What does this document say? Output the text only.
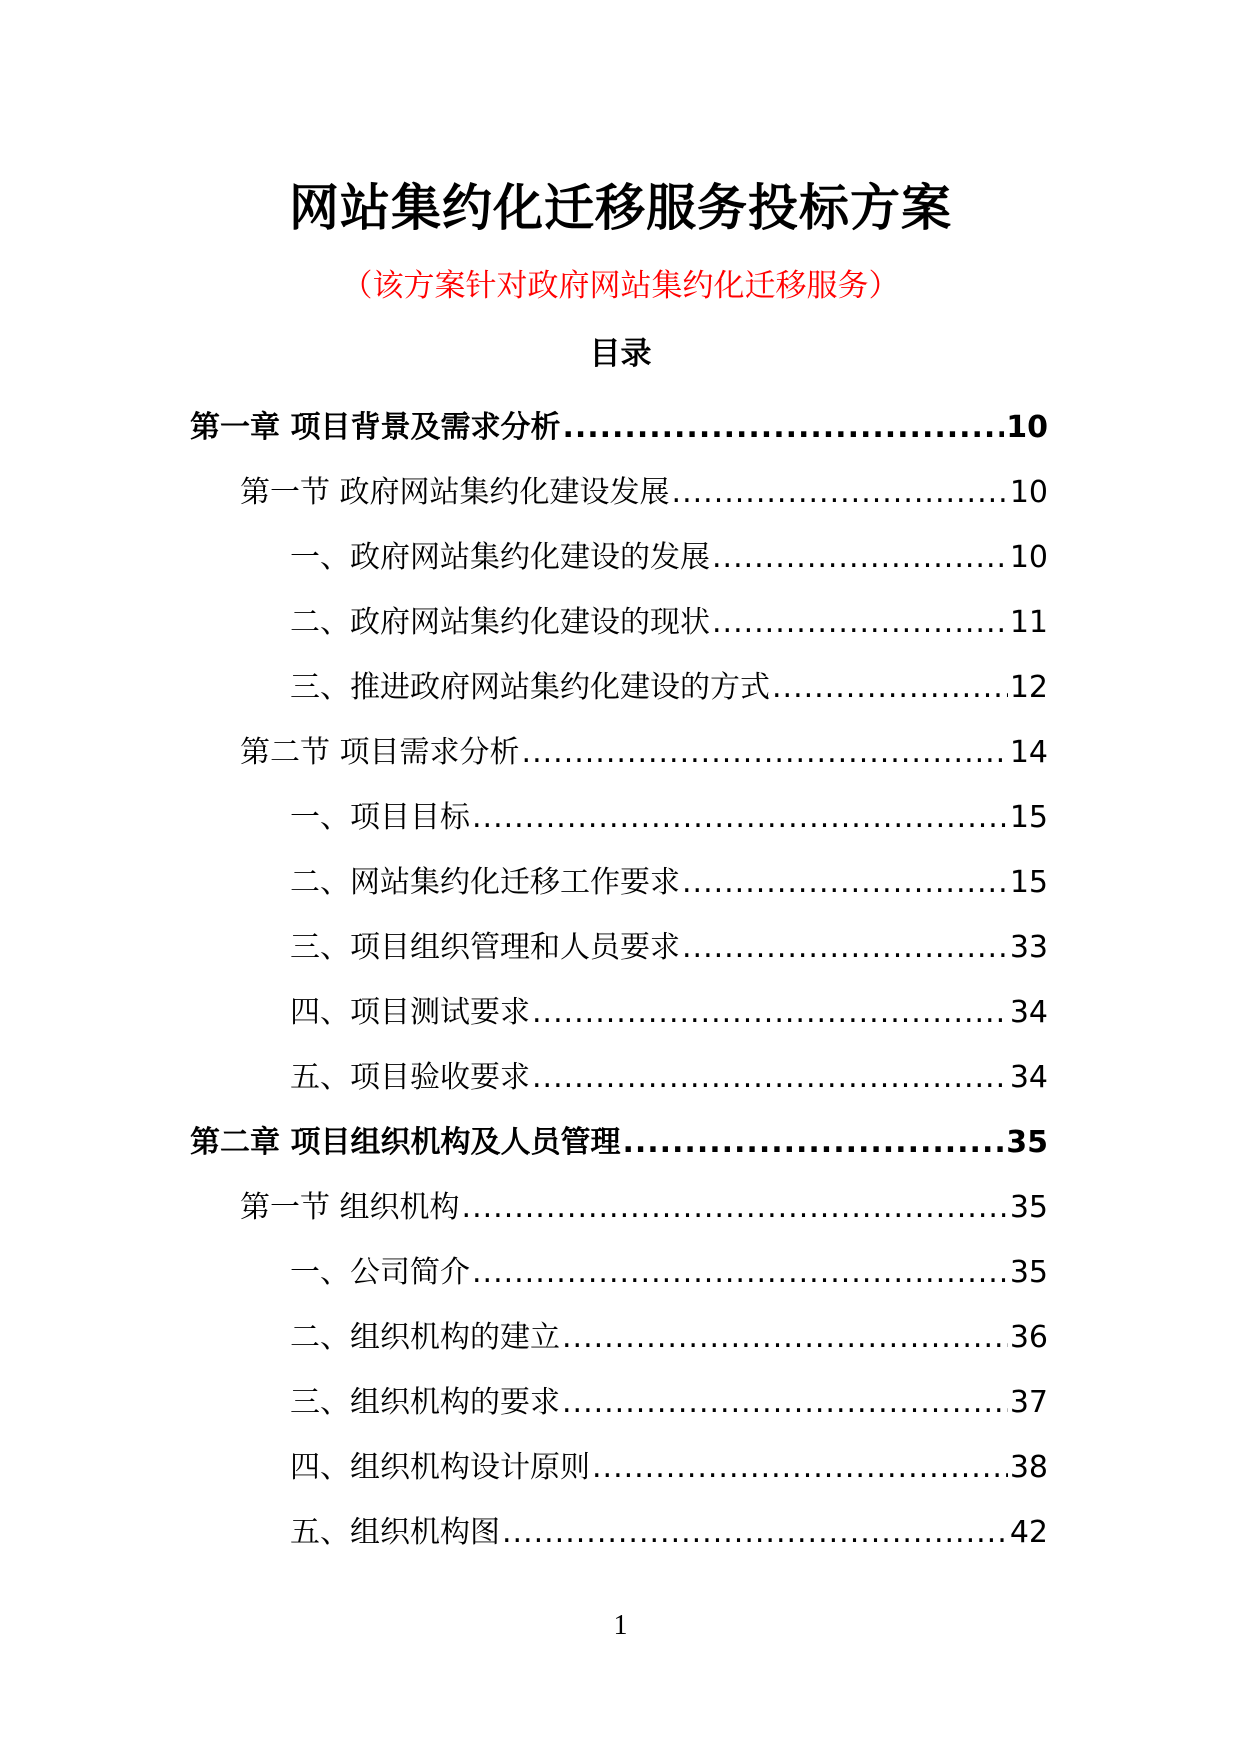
网站集约化迁移服务投标方案
（该方案针对政府网站集约化迁移服务）
目录
第一章 项目背景及需求分析 .....	10
第一节 政府网站集约化建设发展 .....	10
一、政府网站集约化建设的发展 .....	10
二、政府网站集约化建设的现状 .....	11
三、推进政府网站集约化建设的方式 .....	12
第二节 项目需求分析 .....	14
一、项目目标 .....	15
二、网站集约化迁移工作要求 .....	15
三、项目组织管理和人员要求 .....	33
四、项目测试要求 .....	34
五、项目验收要求 .....	34
第二章 项目组织机构及人员管理 .....	35
第一节 组织机构 .....	35
一、公司简介 .....	35
二、组织机构的建立 .....	36
三、组织机构的要求 .....	37
四、组织机构设计原则 .....	38
五、组织机构图 .....	42
1
